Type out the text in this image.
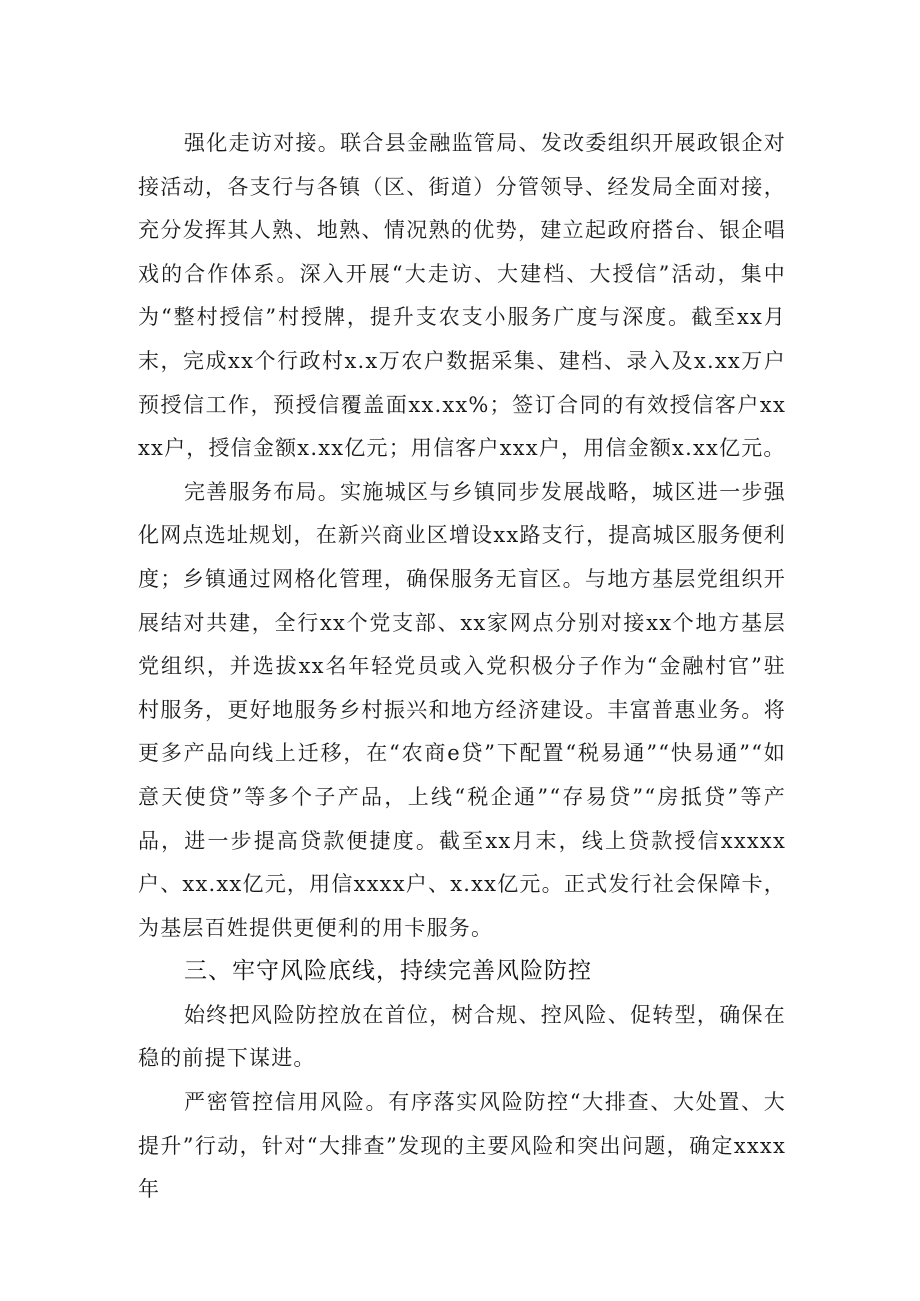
强化走访对接。联合县金融监管局、发改委组织开展政银企对接活动，各支行与各镇（区、街道）分管领导、经发局全面对接，充分发挥其人熟、地熟、情况熟的优势，建立起政府搭台、银企唱戏的合作体系。深入开展“大走访、大建档、大授信”活动，集中为“整村授信”村授牌，提升支农支小服务广度与深度。截至xx月末，完成xx个行政村x.x万农户数据采集、建档、录入及x.xx万户预授信工作，预授信覆盖面xx.xx%；签订合同的有效授信客户xxxx户，授信金额x.xx亿元；用信客户xxx户，用信金额x.xx亿元。

完善服务布局。实施城区与乡镇同步发展战略，城区进一步强化网点选址规划，在新兴商业区增设xx路支行，提高城区服务便利度；乡镇通过网格化管理，确保服务无盲区。与地方基层党组织开展结对共建，全行xx个党支部、xx家网点分别对接xx个地方基层党组织，并选拔xx名年轻党员或入党积极分子作为“金融村官”驻村服务，更好地服务乡村振兴和地方经济建设。丰富普惠业务。将更多产品向线上迁移，在“农商e贷”下配置“税易通”“快易通”“如意天使贷”等多个子产品，上线“税企通”“存易贷”“房抵贷”等产品，进一步提高贷款便捷度。截至xx月末，线上贷款授信xxxxx户、xx.xx亿元，用信xxxx户、x.xx亿元。正式发行社会保障卡，为基层百姓提供更便利的用卡服务。

三、牢守风险底线，持续完善风险防控

始终把风险防控放在首位，树合规、控风险、促转型，确保在稳的前提下谋进。

严密管控信用风险。有序落实风险防控“大排查、大处置、大提升”行动，针对“大排查”发现的主要风险和突出问题，确定xxxx年
